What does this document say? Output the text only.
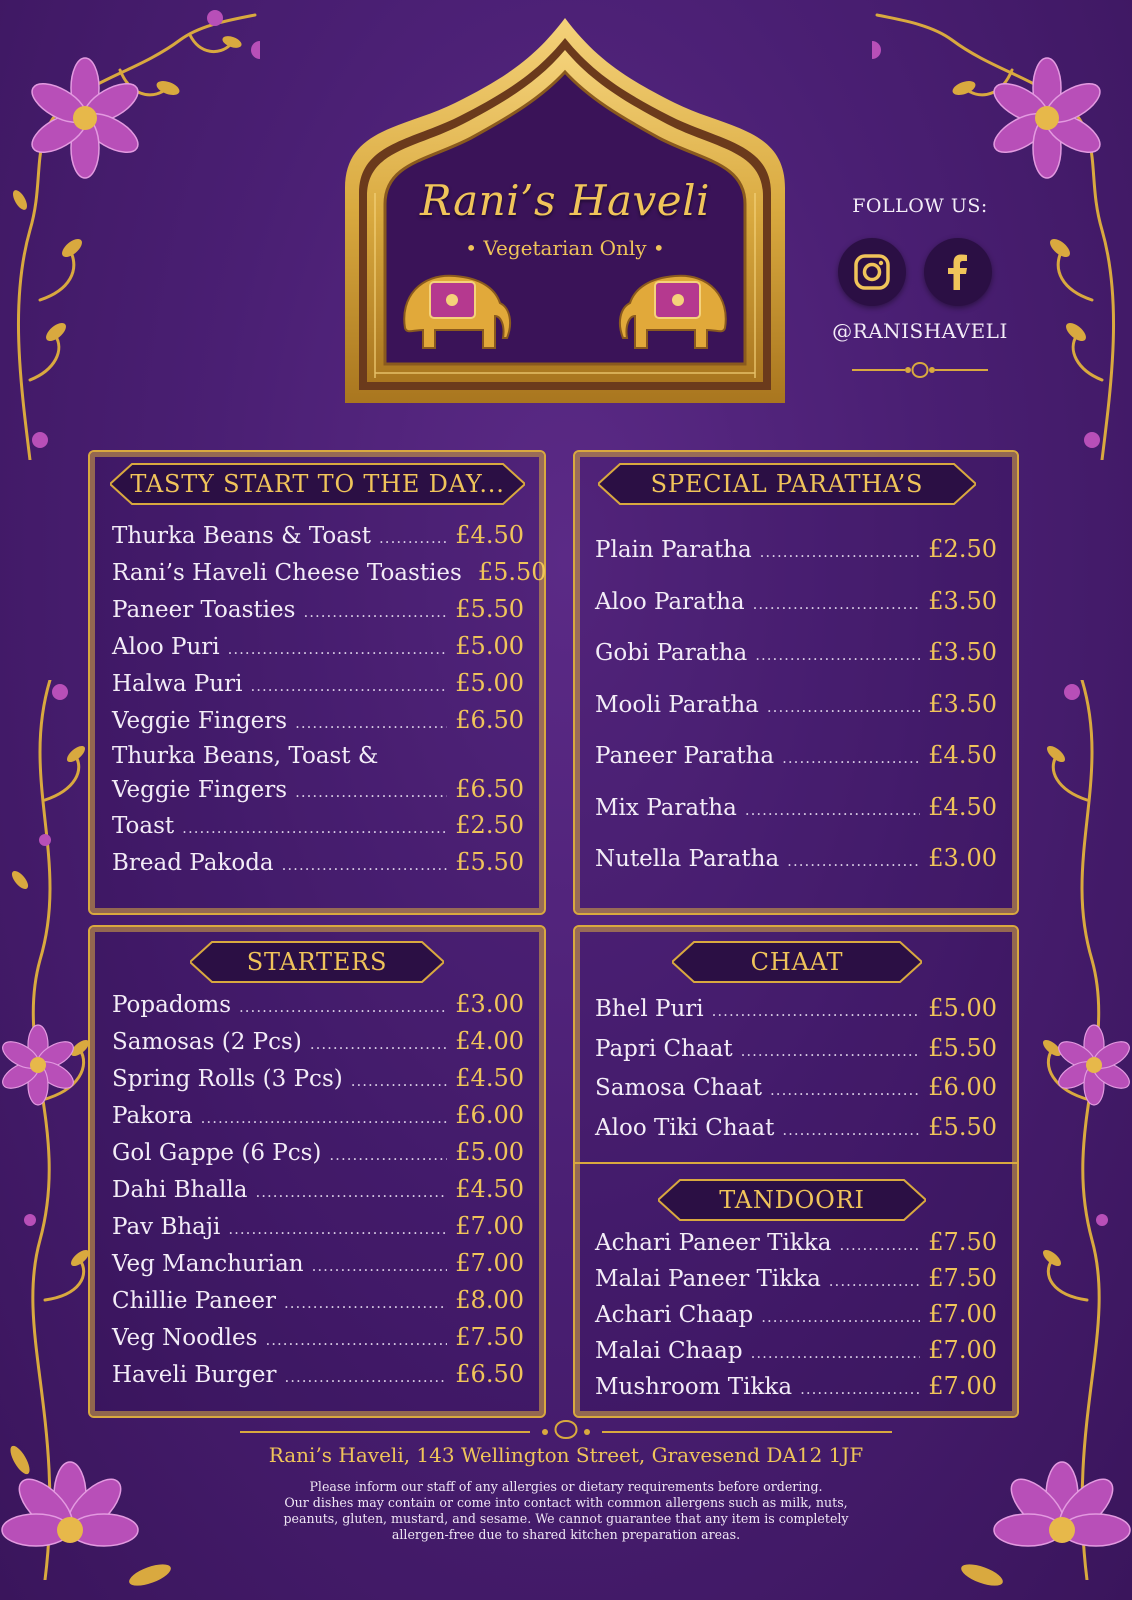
Rani’s Haveli
• Vegetarian Only •
FOLLOW US:
@RANISHAVELI
TASTY START TO THE DAY...
Thurka Beans & Toast .....	£4.50
Rani’s Haveli Cheese Toasties £5.50
Paneer Toasties .....	£5.50
Aloo Puri .....	£5.00
Halwa Puri .....	£5.00
Veggie Fingers .....	£6.50
Thurka Beans, Toast &
Veggie Fingers .....	£6.50
Toast .....	£2.50
Bread Pakoda .....	£5.50
SPECIAL PARATHA’S
Plain Paratha .....	£2.50
Aloo Paratha .....	£3.50
Gobi Paratha .....	£3.50
Mooli Paratha .....	£3.50
Paneer Paratha .....	£4.50
Mix Paratha .....	£4.50
Nutella Paratha .....	£3.00
STARTERS
Popadoms .....	£3.00
Samosas (2 Pcs) .....	£4.00
Spring Rolls (3 Pcs) .....	£4.50
Pakora .....	£6.00
Gol Gappe (6 Pcs) .....	£5.00
Dahi Bhalla .....	£4.50
Pav Bhaji .....	£7.00
Veg Manchurian .....	£7.00
Chillie Paneer .....	£8.00
Veg Noodles .....	£7.50
Haveli Burger .....	£6.50
CHAAT
Bhel Puri .....	£5.00
Papri Chaat .....	£5.50
Samosa Chaat .....	£6.00
Aloo Tiki Chaat .....	£5.50
TANDOORI
Achari Paneer Tikka .....	£7.50
Malai Paneer Tikka .....	£7.50
Achari Chaap .....	£7.00
Malai Chaap .....	£7.00
Mushroom Tikka .....	£7.00
Rani’s Haveli, 143 Wellington Street, Gravesend DA12 1JF
Please inform our staff of any allergies or dietary requirements before ordering.
Our dishes may contain or come into contact with common allergens such as milk, nuts,
peanuts, gluten, mustard, and sesame. We cannot guarantee that any item is completely
allergen-free due to shared kitchen preparation areas.
